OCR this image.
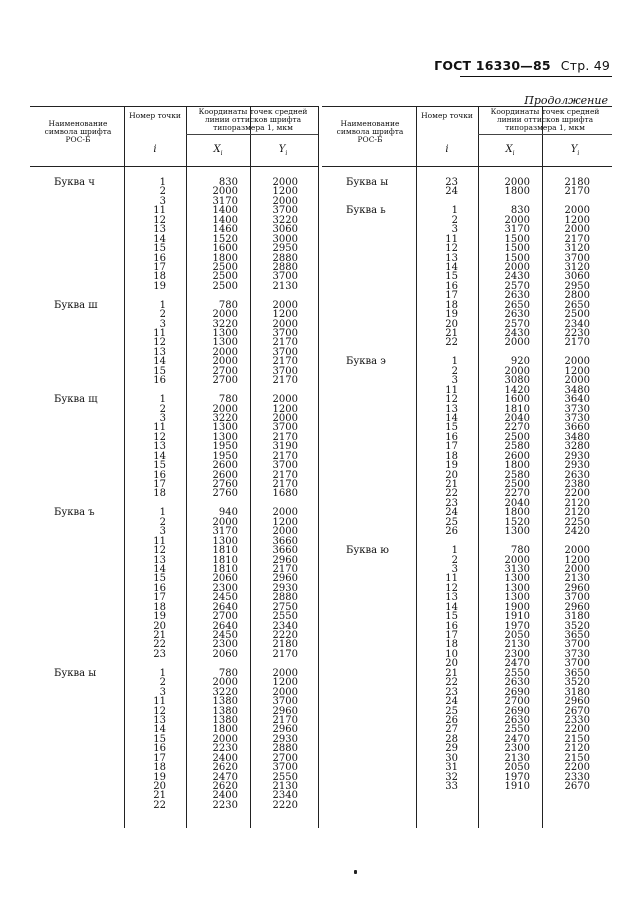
ГОСТ 16330—85 Стр. 49
Продолжение
Наименование символа шрифта РОС-Б
Номер точки	Координаты точек средней линии оттисков шрифта типоразмера 1, мкм
i	$X_i$	$Y_i$
Буква ч	1	830	2000
2	2000	1200
3	3170	2000
11	1400	3700
12	1400	3220
13	1460	3060
14	1520	3000
15	1600	2950
16	1800	2880
17	2500	2880
18	2500	3700
19	2500	2130
Буква ш	1	780	2000
2	2000	1200
3	3220	2000
11	1300	3700
12	1300	2170
13	2000	3700
14	2000	2170
15	2700	3700
16	2700	2170
Буква щ	1	780	2000
2	2000	1200
3	3220	2000
11	1300	3700
12	1300	2170
13	1950	3190
14	1950	2170
15	2600	3700
16	2600	2170
17	2760	2170
18	2760	1680
Буква ъ	1	940	2000
2	2000	1200
3	3170	2000
11	1300	3660
12	1810	3660
13	1810	2960
14	1810	2170
15	2060	2960
16	2300	2930
17	2450	2880
18	2640	2750
19	2700	2550
20	2640	2340
21	2450	2220
22	2300	2180
23	2060	2170
Буква ы	1	780	2000
2	2000	1200
3	3220	2000
11	1380	3700
12	1380	2960
13	1380	2170
14	1800	2960
15	2000	2930
16	2230	2880
17	2400	2700
18	2620	3700
19	2470	2550
20	2620	2130
21	2400	2340
22	2230	2220
Наименование символа шрифта РОС-Б
Номер точки	Координаты точек средней линии оттисков шрифта типоразмера 1, мкм
i	$X_i$	$Y_i$
Буква ы	23	2000	2180
24	1800	2170
Буква ь	1	830	2000
2	2000	1200
3	3170	2000
11	1500	2170
12	1500	3120
13	1500	3700
14	2000	3120
15	2430	3060
16	2570	2950
17	2630	2800
18	2650	2650
19	2630	2500
20	2570	2340
21	2430	2230
22	2000	2170
Буква э	1	920	2000
2	2000	1200
3	3080	2000
11	1420	3480
12	1600	3640
13	1810	3730
14	2040	3730
15	2270	3660
16	2500	3480
17	2580	3280
18	2600	2930
19	1800	2930
20	2580	2630
21	2500	2380
22	2270	2200
23	2040	2120
24	1800	2120
25	1520	2250
26	1300	2420
Буква ю	1	780	2000
2	2000	1200
3	3130	2000
11	1300	2130
12	1300	2960
13	1300	3700
14	1900	2960
15	1910	3180
16	1970	3520
17	2050	3650
18	2130	3700
10	2300	3730
20	2470	3700
21	2550	3650
22	2630	3520
23	2690	3180
24	2700	2960
25	2690	2670
26	2630	2330
27	2550	2200
28	2470	2150
29	2300	2120
30	2130	2150
31	2050	2200
32	1970	2330
33	1910	2670
